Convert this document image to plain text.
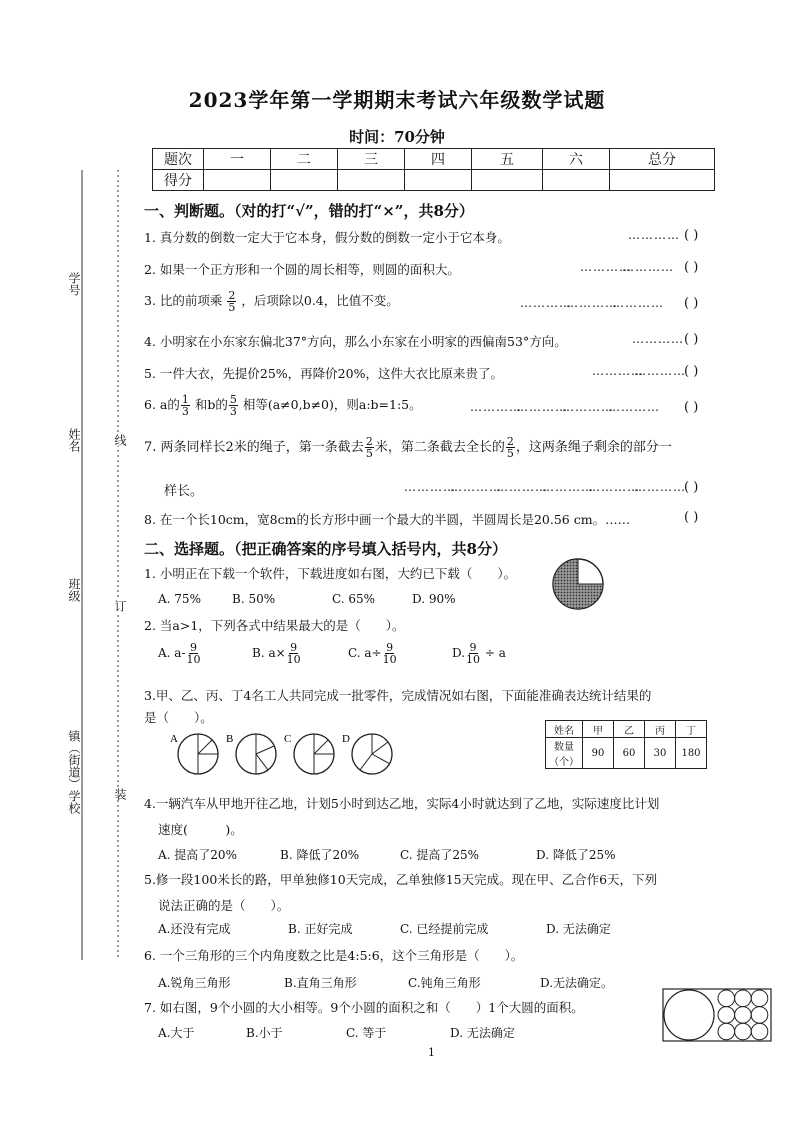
2023学年第一学期期末考试六年级数学试题
时间：70分钟
题次	一	二	三	四	五	六	总分
得分							
一、判断题。（对的打“√”，错的打“×”，共8分）
1. 真分数的倒数一定大于它本身，假分数的倒数一定小于它本身。	………… ( )
2. 如果一个正方形和一个圆的周长相等，则圆的面积大。	…………
………… ( )
3. 比的前项乘 $\frac{2}{5}$ ，后项除以0.4，比值不变。	…………
…………
………… ( )
4. 小明家在小东家东偏北37°方向，那么小东家在小明家的西偏南53°方向。	………… ( )
5. 一件大衣，先提价25%，再降价20%，这件大衣比原来贵了。	…………
…………
( )
6. a的 $\frac{1}{3}$ 和b的 $\frac{5}{3}$ 相等(a≠0,b≠0)，则a:b=1:5。	…………
…………
…………
………… ( )
7. 两条同样长2米的绳子，第一条截去 $\frac{2}{5}$ 米，第二条截去全长的 $\frac{2}{5}$ ，这两条绳子剩余的部分一
样长。	…………
…………
…………
…………
…………
…………
( )
8. 在一个长10cm，宽8cm的长方形中画一个最大的半圆，半圆周长是20.56 cm。……	( )
二、选择题。（把正确答案的序号填入括号内，共8分）
1. 小明正在下载一个软件，下载进度如右图，大约已下载（　　）。
A. 75%	B. 50%	C. 65%	D. 90%
2. 当a>1，下列各式中结果最大的是（　　）。
A. $a- \frac{9}{10}$	B. $a\times \frac{9}{10}$	C. $a\div \frac{9}{10}$	D. $\frac{9}{10} \div a$
3.甲、乙、丙、丁4名工人共同完成一批零件，完成情况如右图，下面能准确表达统计结果的
是（　　）。
A	B	C	D
姓名	甲	乙	丙	丁
数量（个）	90	60	30	180
4.一辆汽车从甲地开往乙地，计划5小时到达乙地，实际4小时就达到了乙地，实际速度比计划
速度(　　　)。
A. 提高了20%	B. 降低了20%	C. 提高了25%	D. 降低了25%
5.修一段100米长的路，甲单独修10天完成，乙单独修15天完成。现在甲、乙合作6天，下列
说法正确的是（　　）。
A.还没有完成	B. 正好完成	C. 已经提前完成	D. 无法确定
6. 一个三角形的三个内角度数之比是4:5:6，这个三角形是（　　）。
A.锐角三角形	B.直角三角形	C.钝角三角形	D.无法确定。
7. 如右图，9个小圆的大小相等。9个小圆的面积之和（　　）1个大圆的面积。
A.大于	B.小于	C. 等于	D. 无法确定
学号
姓名
班级
镇（街道）学校
线
订
装
1
